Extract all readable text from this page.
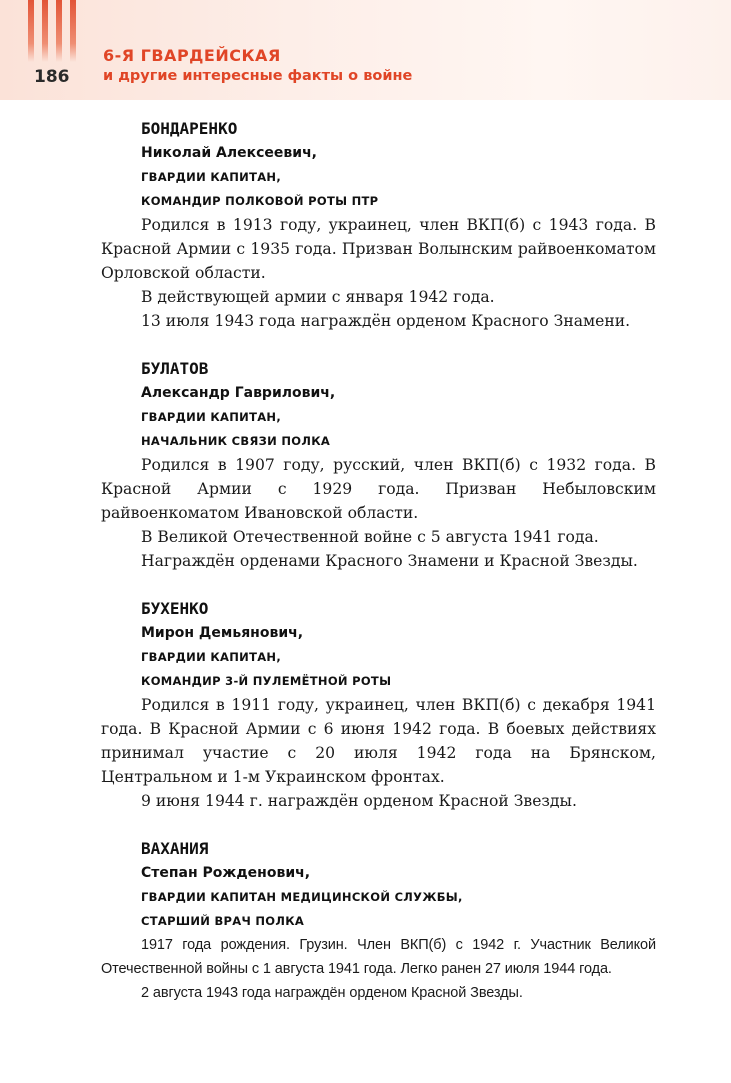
186
6-Я ГВАРДЕЙСКАЯ
и другие интересные факты о войне
БОНДАРЕНКО
Николай Алексеевич,
ГВАРДИИ КАПИТАН,
КОМАНДИР ПОЛКОВОЙ РОТЫ ПТР

Родился в 1913 году, украинец, член ВКП(б) с 1943 года. В Красной Армии с 1935 года. Призван Волынским райвоенкоматом Орловской области.

В действующей армии с января 1942 года.

13 июля 1943 года награждён орденом Красного Знамени.

БУЛАТОВ
Александр Гаврилович,
ГВАРДИИ КАПИТАН,
НАЧАЛЬНИК СВЯЗИ ПОЛКА

Родился в 1907 году, русский, член ВКП(б) с 1932 года. В Красной Армии с 1929 года. Призван Небыловским райвоенкоматом Ивановской области.

В Великой Отечественной войне с 5 августа 1941 года.

Награждён орденами Красного Знамени и Красной Звезды.

БУХЕНКО
Мирон Демьянович,
ГВАРДИИ КАПИТАН,
КОМАНДИР 3-Й ПУЛЕМЁТНОЙ РОТЫ

Родился в 1911 году, украинец, член ВКП(б) с декабря 1941 года. В Красной Армии с 6 июня 1942 года. В боевых действиях принимал участие с 20 июля 1942 года на Брянском, Центральном и 1-м Украинском фронтах.

9 июня 1944 г. награждён орденом Красной Звезды.

ВАХАНИЯ
Степан Рожденович,
ГВАРДИИ КАПИТАН МЕДИЦИНСКОЙ СЛУЖБЫ,
СТАРШИЙ ВРАЧ ПОЛКА

1917 года рождения. Грузин. Член ВКП(б) с 1942 г. Участник Великой Отечественной войны с 1 августа 1941 года. Легко ранен 27 июля 1944 года.

2 августа 1943 года награждён орденом Красной Звезды.
